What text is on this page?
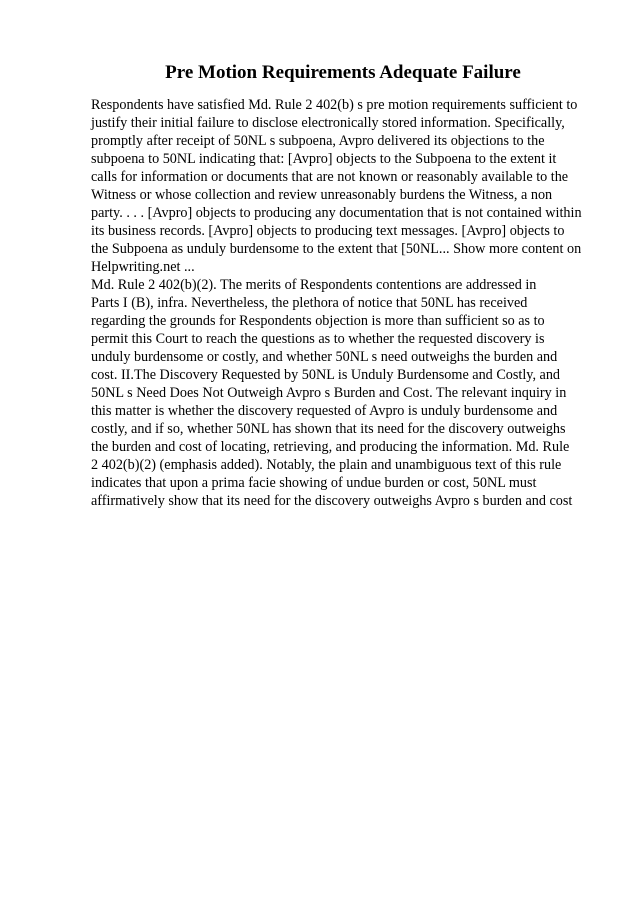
Pre Motion Requirements Adequate Failure

Respondents have satisfied Md. Rule 2 402(b) s pre motion requirements sufficient to

justify their initial failure to disclose electronically stored information. Specifically,

promptly after receipt of 50NL s subpoena, Avpro delivered its objections to the

subpoena to 50NL indicating that: [Avpro] objects to the Subpoena to the extent it

calls for information or documents that are not known or reasonably available to the

Witness or whose collection and review unreasonably burdens the Witness, a non

party. . . . [Avpro] objects to producing any documentation that is not contained within

its business records. [Avpro] objects to producing text messages. [Avpro] objects to

the Subpoena as unduly burdensome to the extent that [50NL... Show more content on

Helpwriting.net ...

Md. Rule 2 402(b)(2). The merits of Respondents contentions are addressed in

Parts I (B), infra. Nevertheless, the plethora of notice that 50NL has received

regarding the grounds for Respondents objection is more than sufficient so as to

permit this Court to reach the questions as to whether the requested discovery is

unduly burdensome or costly, and whether 50NL s need outweighs the burden and

cost. II.The Discovery Requested by 50NL is Unduly Burdensome and Costly, and

50NL s Need Does Not Outweigh Avpro s Burden and Cost. The relevant inquiry in

this matter is whether the discovery requested of Avpro is unduly burdensome and

costly, and if so, whether 50NL has shown that its need for the discovery outweighs

the burden and cost of locating, retrieving, and producing the information. Md. Rule

2 402(b)(2) (emphasis added). Notably, the plain and unambiguous text of this rule

indicates that upon a prima facie showing of undue burden or cost, 50NL must

affirmatively show that its need for the discovery outweighs Avpro s burden and cost
